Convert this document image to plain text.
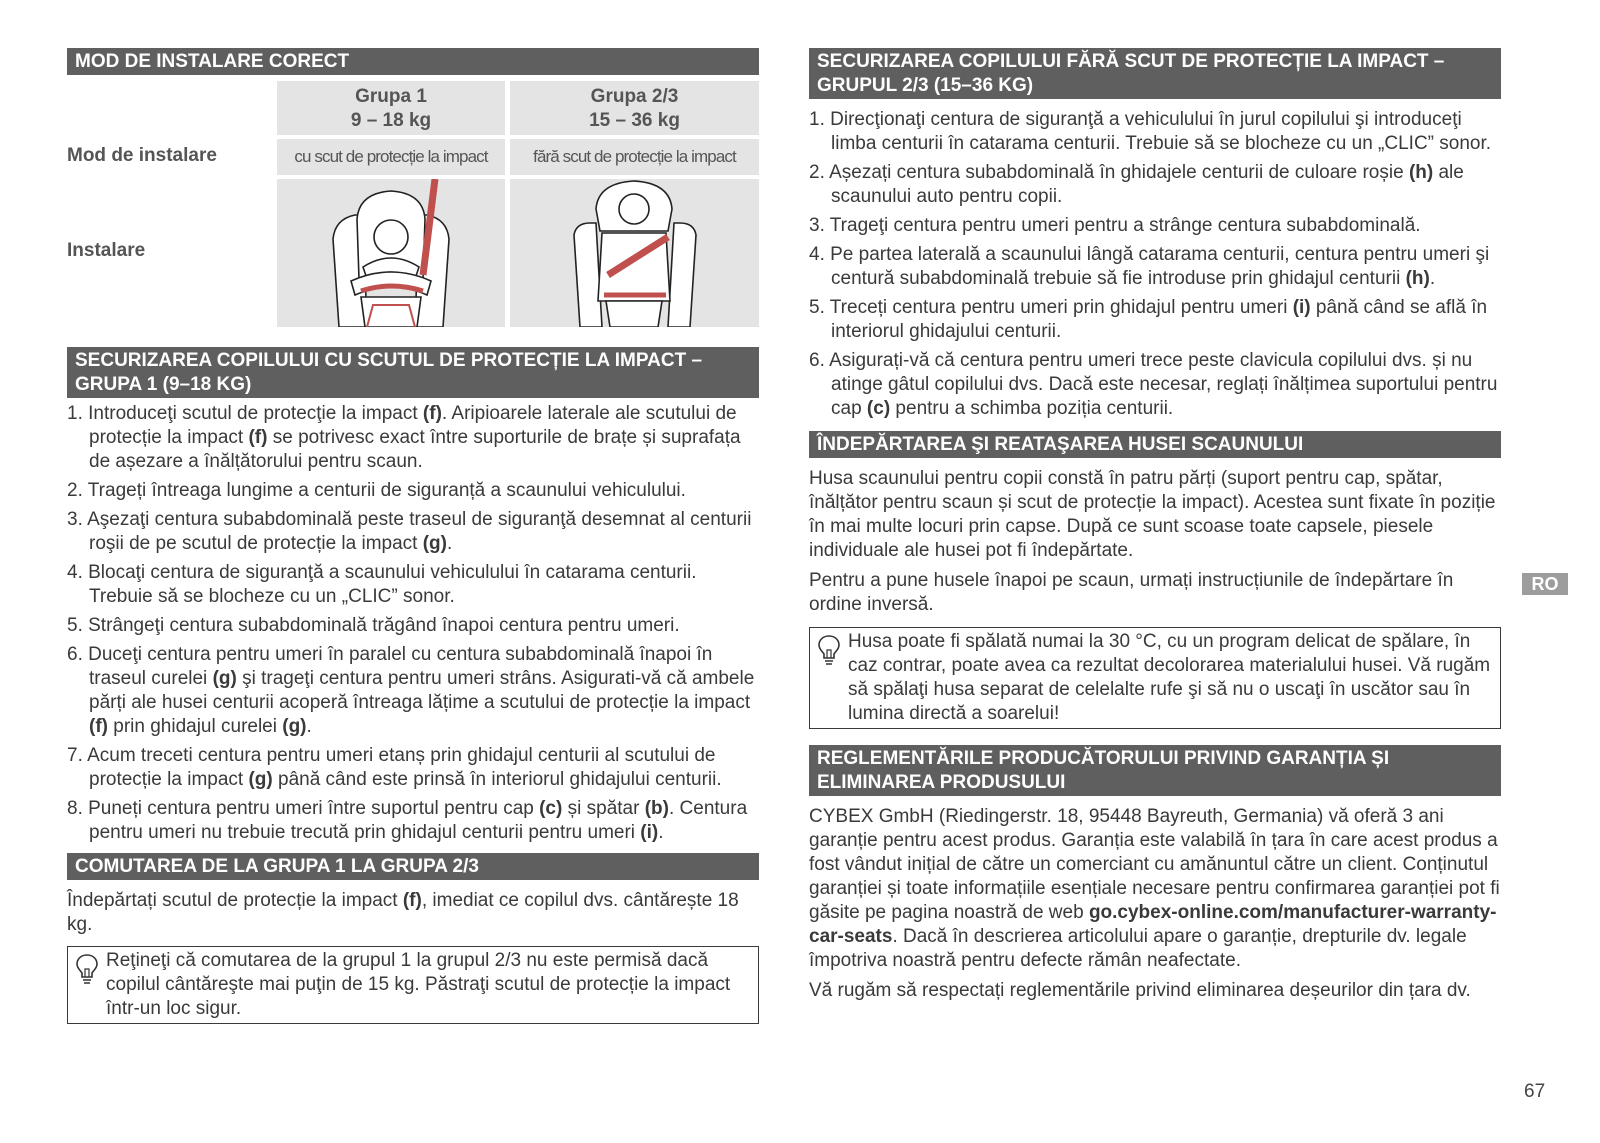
MOD DE INSTALARE CORECT
Grupa 1
9 – 18 kg
Grupa 2/3
15 – 36 kg
Mod de instalare	cu scut de protecție la impact	fără scut de protecție la impact
Instalare
SECURIZAREA COPILULUI CU SCUTUL DE PROTECȚIE LA IMPACT – GRUPA 1 (9–18 KG)
1. Introduceţi scutul de protecţie la impact (f). Aripioarele laterale ale scutului de protecție la impact (f) se potrivesc exact între suporturile de brațe și suprafața de așezare a înălțătorului pentru scaun.
2. Trageți întreaga lungime a centurii de siguranță a scaunului vehiculului.
3. Aşezaţi centura subabdominală peste traseul de siguranţă desemnat al centurii roşii de pe scutul de protecție la impact (g).
4. Blocaţi centura de siguranţă a scaunului vehiculului în catarama centurii. Trebuie să se blocheze cu un „CLIC” sonor.
5. Strângeţi centura subabdominală trăgând înapoi centura pentru umeri.
6. Duceţi centura pentru umeri în paralel cu centura subabdominală înapoi în traseul curelei (g) şi trageţi centura pentru umeri strâns. Asigurati-vă că ambele părți ale husei centurii acoperă întreaga lățime a scutului de protecție la impact (f) prin ghidajul curelei (g).
7. Acum treceti centura pentru umeri etanș prin ghidajul centurii al scutului de protecție la impact (g) până când este prinsă în interiorul ghidajului centurii.
8. Puneți centura pentru umeri între suportul pentru cap (c) și spătar (b). Centura pentru umeri nu trebuie trecută prin ghidajul centurii pentru umeri (i).
COMUTAREA DE LA GRUPA 1 LA GRUPA 2/3

Îndepărtați scutul de protecție la impact (f), imediat ce copilul dvs. cântărește 18 kg.

Reţineţi că comutarea de la grupul 1 la grupul 2/3 nu este permisă dacă copilul cântăreşte mai puţin de 15 kg. Păstraţi scutul de protecție la impact într-un loc sigur.
SECURIZAREA COPILULUI FĂRĂ SCUT DE PROTECȚIE LA IMPACT – GRUPUL 2/3 (15–36 KG)
1. Direcţionaţi centura de siguranţă a vehiculului în jurul copilului şi introduceţi limba centurii în catarama centurii. Trebuie să se blocheze cu un „CLIC” sonor.
2. Așezați centura subabdominală în ghidajele centurii de culoare roșie (h) ale scaunului auto pentru copii.
3. Trageţi centura pentru umeri pentru a strânge centura subabdominală.
4. Pe partea laterală a scaunului lângă catarama centurii, centura pentru umeri şi centură subabdominală trebuie să fie introduse prin ghidajul centurii (h).
5. Treceți centura pentru umeri prin ghidajul pentru umeri (i) până când se află în interiorul ghidajului centurii.
6. Asigurați-vă că centura pentru umeri trece peste clavicula copilului dvs. și nu atinge gâtul copilului dvs. Dacă este necesar, reglați înălțimea suportului pentru cap (c) pentru a schimba poziția centurii.
ÎNDEPĂRTAREA ŞI REATAŞAREA HUSEI SCAUNULUI

Husa scaunului pentru copii constă în patru părți (suport pentru cap, spătar, înălțător pentru scaun și scut de protecție la impact). Acestea sunt fixate în poziție în mai multe locuri prin capse. După ce sunt scoase toate capsele, piesele individuale ale husei pot fi îndepărtate.

Pentru a pune husele înapoi pe scaun, urmați instrucțiunile de îndepărtare în ordine inversă.

Husa poate fi spălată numai la 30 °C, cu un program delicat de spălare, în caz contrar, poate avea ca rezultat decolorarea materialului husei. Vă rugăm să spălaţi husa separat de celelalte rufe şi să nu o uscaţi în uscător sau în lumina directă a soarelui!
REGLEMENTĂRILE PRODUCĂTORULUI PRIVIND GARANȚIA ȘI ELIMINAREA PRODUSULUI

CYBEX GmbH (Riedingerstr. 18, 95448 Bayreuth, Germania) vă oferă 3 ani garanție pentru acest produs. Garanția este valabilă în țara în care acest produs a fost vândut inițial de către un comerciant cu amănuntul către un client. Conținutul garanției și toate informațiile esențiale necesare pentru confirmarea garanției pot fi găsite pe pagina noastră de web go.cybex-online.com/manufacturer-warranty-car-seats. Dacă în descrierea articolului apare o garanție, drepturile dv. legale împotriva noastră pentru defecte rămân neafectate.

Vă rugăm să respectați reglementările privind eliminarea deșeurilor din țara dv.

RO
67
